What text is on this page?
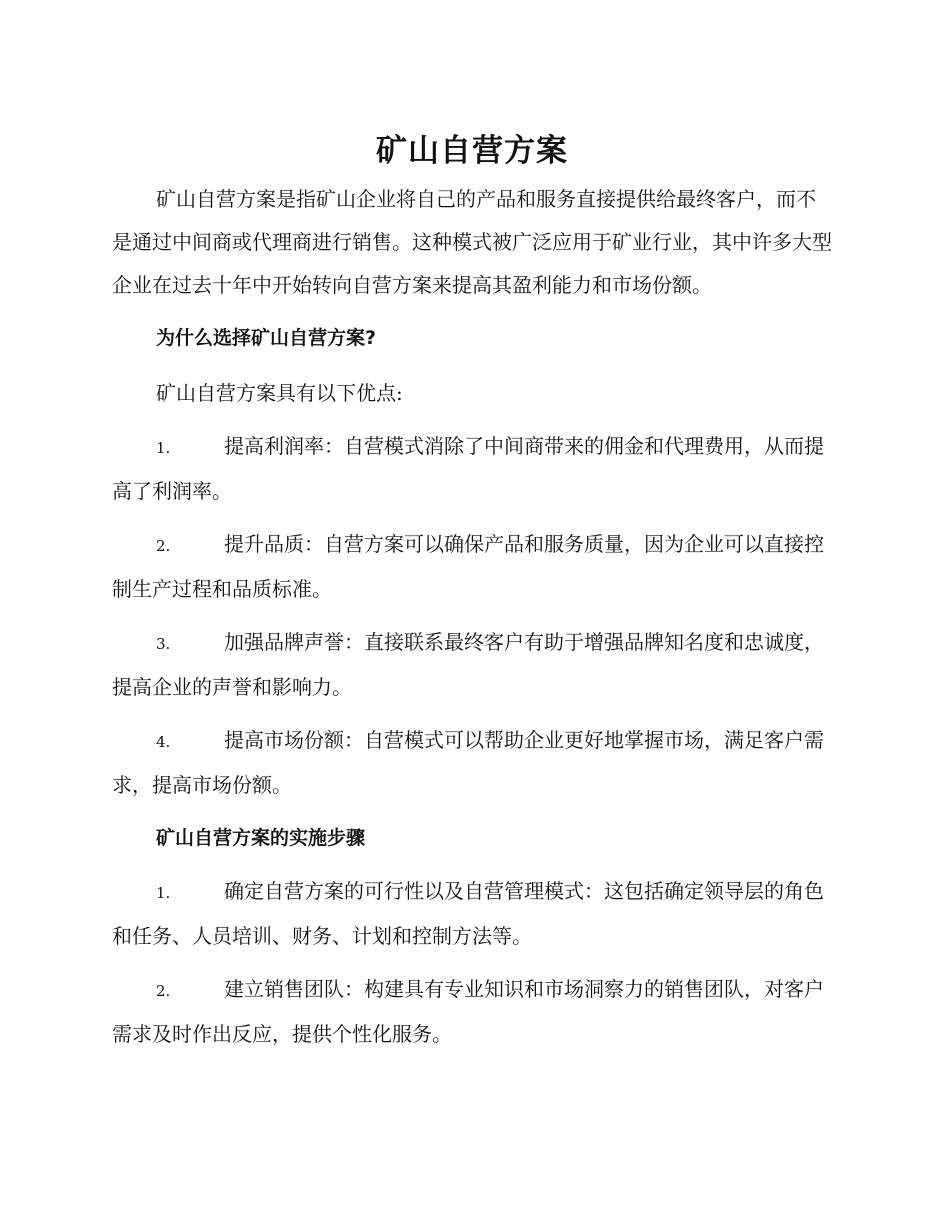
矿山自营方案

矿山自营方案是指矿山企业将自己的产品和服务直接提供给最终客户，而不是通过中间商或代理商进行销售。这种模式被广泛应用于矿业行业，其中许多大型企业在过去十年中开始转向自营方案来提高其盈利能力和市场份额。

为什么选择矿山自营方案?

矿山自营方案具有以下优点:

1.	提高利润率：自营模式消除了中间商带来的佣金和代理费用，从而提高了利润率。

2.	提升品质：自营方案可以确保产品和服务质量，因为企业可以直接控制生产过程和品质标准。

3.	加强品牌声誉：直接联系最终客户有助于增强品牌知名度和忠诚度，提高企业的声誉和影响力。

4.	提高市场份额：自营模式可以帮助企业更好地掌握市场，满足客户需求，提高市场份额。

矿山自营方案的实施步骤

1.	确定自营方案的可行性以及自营管理模式：这包括确定领导层的角色和任务、人员培训、财务、计划和控制方法等。

2.	建立销售团队：构建具有专业知识和市场洞察力的销售团队，对客户需求及时作出反应，提供个性化服务。
